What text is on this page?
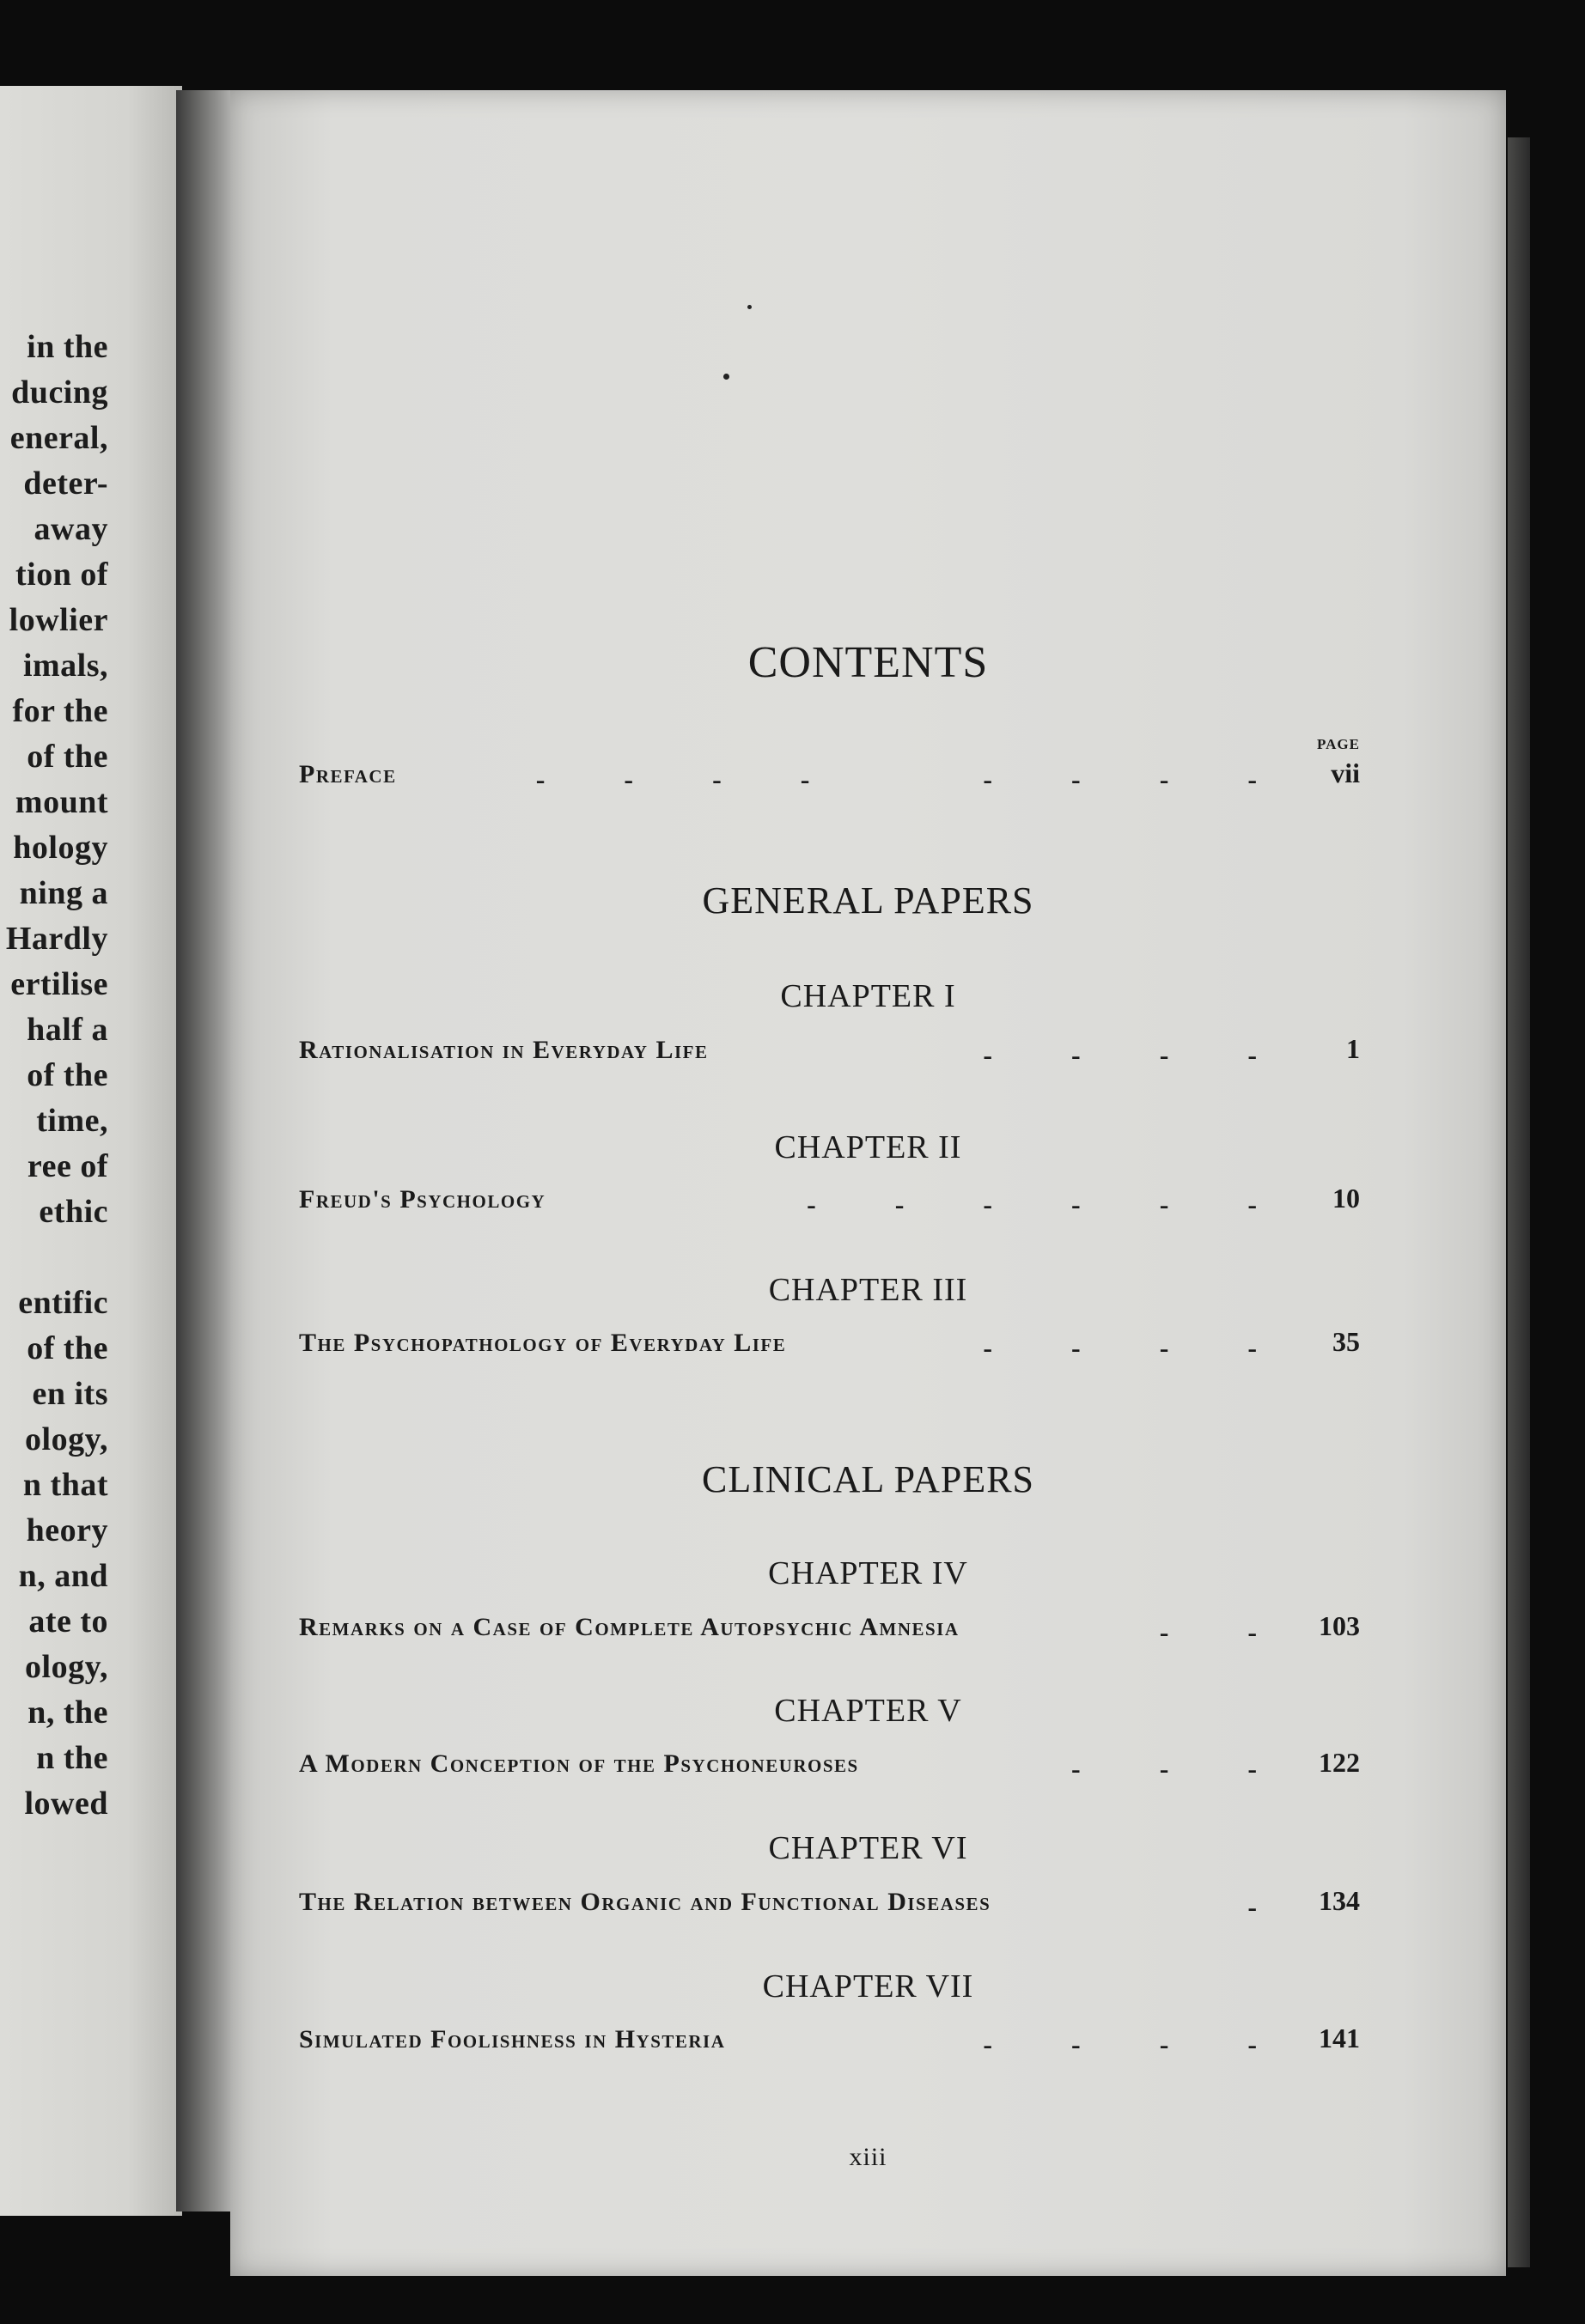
in the
ducing
eneral,
deter-
away
tion of
lowlier
imals,
for the
of the
mount
hology
ning a
Hardly
ertilise
half a
of the
time,
ree of
ethic
entific
of the
en its
ology,
n that
heory
n, and
ate to
ology,
n, the
n the
lowed
CONTENTS
PAGE
Preface	-	-	-	-	-	-	-	-	vii
GENERAL PAPERS
CHAPTER I
Rationalisation in Everyday Life	-	-	-	-	1
CHAPTER II
Freud's Psychology	-	-	-	-	-	-	10
CHAPTER III
The Psychopathology of Everyday Life	-	-	-	-	35
CLINICAL PAPERS
CHAPTER IV
Remarks on a Case of Complete Autopsychic Amnesia	-	- 103
CHAPTER V
A Modern Conception of the Psychoneuroses	-	-	- 122
CHAPTER VI
The Relation between Organic and Functional Diseases	- 134
CHAPTER VII
Simulated Foolishness in Hysteria	-	-	-	- 141
xiii
